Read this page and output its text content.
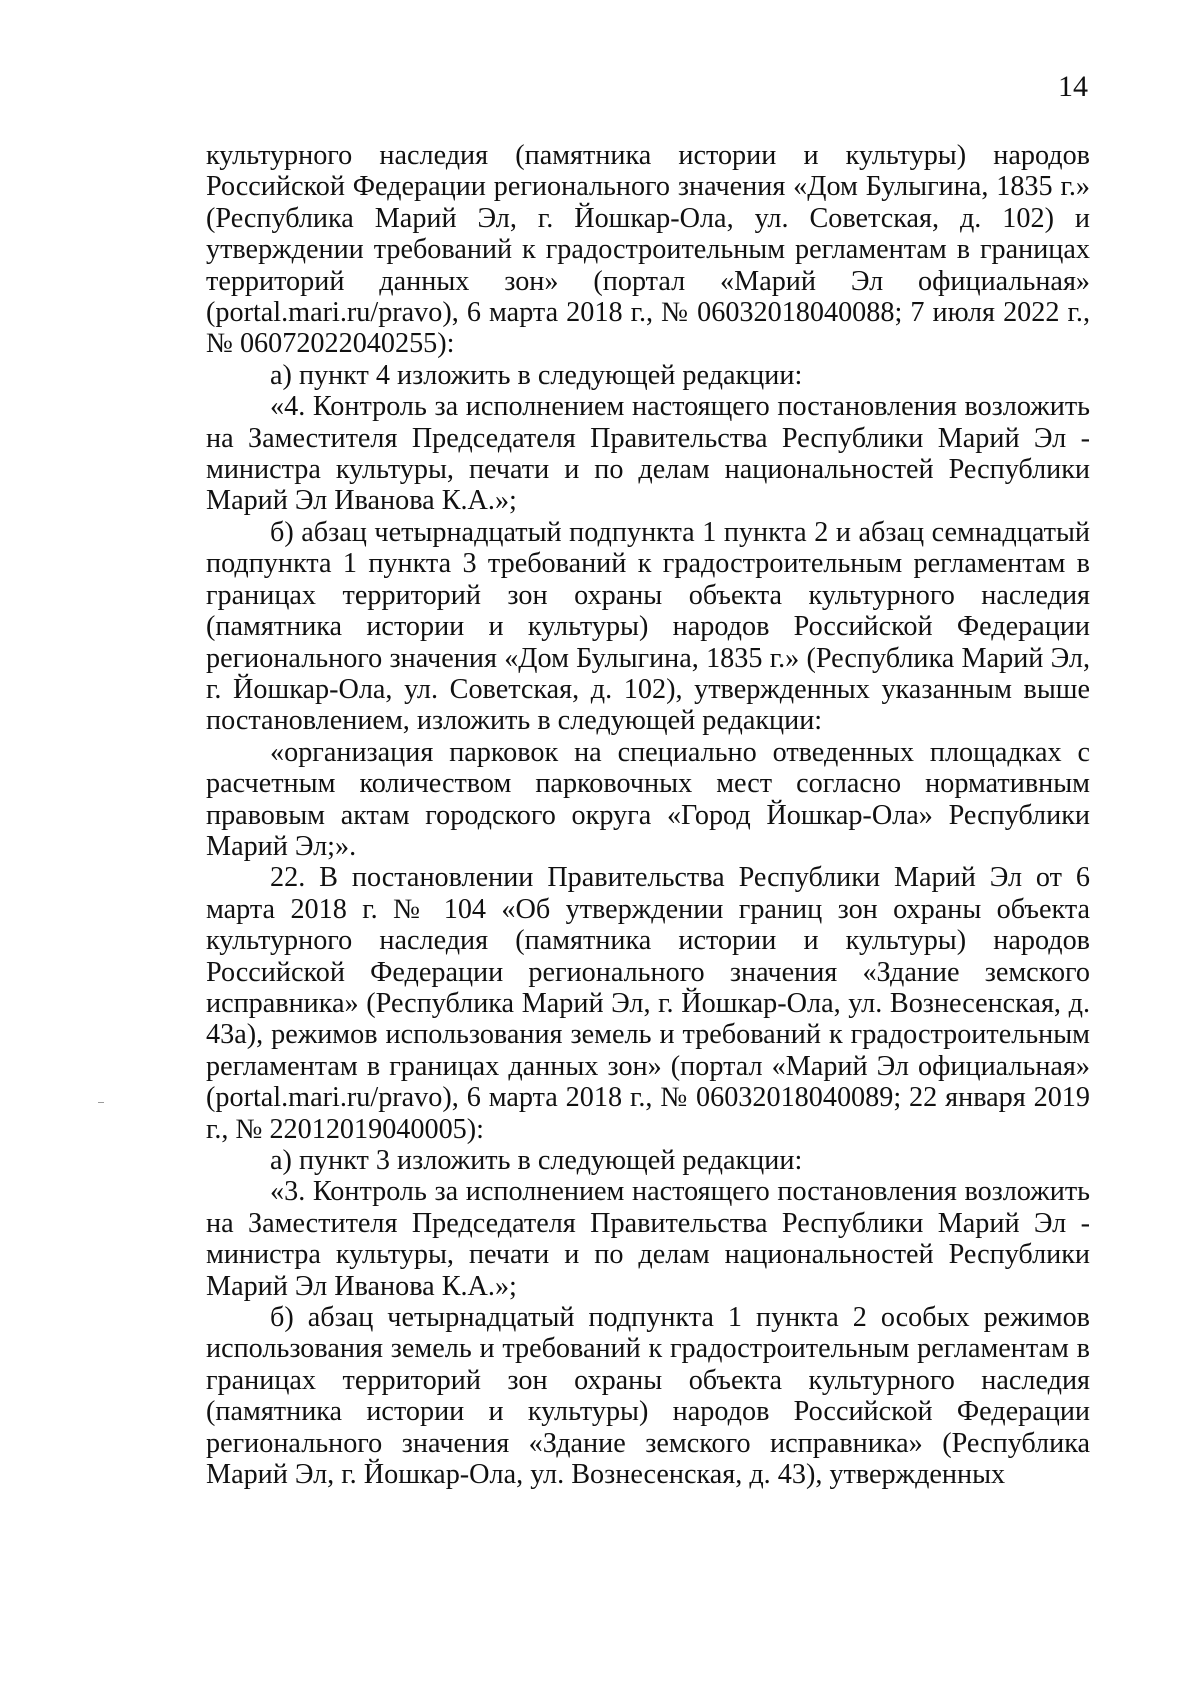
14

культурного наследия (памятника истории и культуры) народов Российской Федерации регионального значения «Дом Булыгина, 1835 г.» (Республика Марий Эл, г. Йошкар-Ола, ул. Советская, д. 102) и утверждении требований к градостроительным регламентам в границах территорий данных зон» (портал «Марий Эл официальная» (portal.mari.ru/pravo), 6 марта 2018 г., № 06032018040088; 7 июля 2022 г., № 06072022040255):

а) пункт 4 изложить в следующей редакции:

«4. Контроль за исполнением настоящего постановления возложить на Заместителя Председателя Правительства Республики Марий Эл - министра культуры, печати и по делам национальностей Республики Марий Эл Иванова К.А.»;

б) абзац четырнадцатый подпункта 1 пункта 2 и абзац семнадцатый подпункта 1 пункта 3 требований к градостроительным регламентам в границах территорий зон охраны объекта культурного наследия (памятника истории и культуры) народов Российской Федерации регионального значения «Дом Булыгина, 1835 г.» (Республика Марий Эл, г. Йошкар-Ола, ул. Советская, д. 102), утвержденных указанным выше постановлением, изложить в следующей редакции:

«организация парковок на специально отведенных площадках с расчетным количеством парковочных мест согласно нормативным правовым актам городского округа «Город Йошкар-Ола» Республики Марий Эл;».

22. В постановлении Правительства Республики Марий Эл от 6 марта 2018 г. № 104 «Об утверждении границ зон охраны объекта культурного наследия (памятника истории и культуры) народов Российской Федерации регионального значения «Здание земского исправника» (Республика Марий Эл, г. Йошкар-Ола, ул. Вознесенская, д. 43а), режимов использования земель и требований к градостроительным регламентам в границах данных зон» (портал «Марий Эл официальная» (portal.mari.ru/pravo), 6 марта 2018 г., № 06032018040089; 22 января 2019 г., № 22012019040005):

а) пункт 3 изложить в следующей редакции:

«3. Контроль за исполнением настоящего постановления возложить на Заместителя Председателя Правительства Республики Марий Эл - министра культуры, печати и по делам национальностей Республики Марий Эл Иванова К.А.»;

б) абзац четырнадцатый подпункта 1 пункта 2 особых режимов использования земель и требований к градостроительным регламентам в границах территорий зон охраны объекта культурного наследия (памятника истории и культуры) народов Российской Федерации регионального значения «Здание земского исправника» (Республика Марий Эл, г. Йошкар-Ола, ул. Вознесенская, д. 43), утвержденных
